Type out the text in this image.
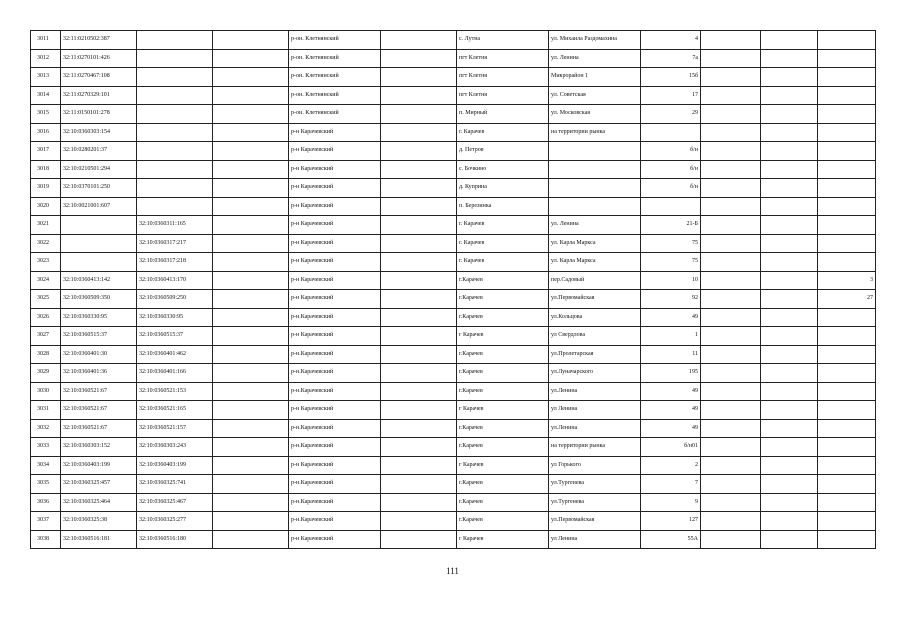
3011	32:11:0210502:387			р-он. Клетнянский		с. Лутна	ул. Михаила Раздомахина	4			
3012	32:11:0270101:426			р-он. Клетнянский		пгт Клетня	ул. Ленина	7а			
3013	32:11:0270467:108			р-он. Клетнянский		пгт Клетня	Микрорайон 1	15б			
3014	32:11:0270329:101			р-он. Клетнянский		пгт Клетня	ул. Советская	17			
3015	32:11:0150101:278			р-он. Клетнянский		п. Мирный	ул. Московская	29			
3016	32:10:0360303:154			р-н Карачевский		г. Карачев	на территории рынка				
3017	32:10:0280201:37			р-н Карачевский		д. Петров		б/н			
3018	32:10:0210501:294			р-н Карачевский		с. Бочкино		б/н			
3019	32:10:0370101:250			р-н Карачевский		д. Куприна		б/н			
3020	32:10:0021001:607			р-н Карачевский		п. Березинка					
3021		32:10:0360311:165		р-н Карачевский		г. Карачев	ул. Ленина	21-Б			
3022		32:10:0360317:217		р-н Карачевский		г. Карачев	ул. Карла Маркса	75			
3023		32:10:0360317:218		р-н Карачевский		г. Карачев	ул. Карла Маркса	75			
3024	32:10:0360413:142	32:10:0360413:170		р-н Карачевский		г.Карачев	пер.Садовый	10			3
3025	32:10:0360509:350	32:10:0360509:250		р-н Карачевский		г.Карачев	ул.Первомайская	92			27
3026	32:10:0360330:95	32:10:0360330:95		р-н.Карачевский		г.Карачев	ул.Кольцова	49			
3027	32:10:0360515:37	32:10:0360515:37		р-н Карачевский		г Карачев	ул Свердлова	1			
3028	32:10:0360401:30	32:10:0360401:462		р-н.Карачевский		г.Карачев	ул.Пролетарская	11			
3029	32:10:0360401:36	32:10:0360401:166		р-н.Карачевский		г.Карачев	ул.Луначарского	195			
3030	32:10:0360521:67	32:10:0360521:153		р-н.Карачевский		г.Карачев	ул.Ленина	49			
3031	32:10:0360521:67	32:10:0360521:165		р-н Карачевский		г Карачев	ул Ленина	49			
3032	32:10:0360521:67	32:10:0360521:157		р-н.Карачевский		г.Карачев	ул.Ленина	49			
3033	32:10:0360303:152	32:10:0360303:243		р-н.Карачевский		г.Карачев	на территории рынка	б/н01			
3034	32:10:0360403:199	32:10:0360403:199		р-н Карачевский		г Карачев	ул Горького	2			
3035	32:10:0360325:457	32:10:0360325:741		р-н.Карачевский		г.Карачев	ул.Тургенева	7			
3036	32:10:0360325:464	32:10:0360325:467		р-н.Карачевский		г.Карачев	ул.Тургенева	9			
3037	32:10:0360325:38	32:10:0360325:277		р-н.Карачевский		г.Карачев	ул.Первомайская	127			
3038	32:10:0360516:181	32:10:0360516:180		р-н Карачевский		г Карачев	ул Ленина	55А			
111
